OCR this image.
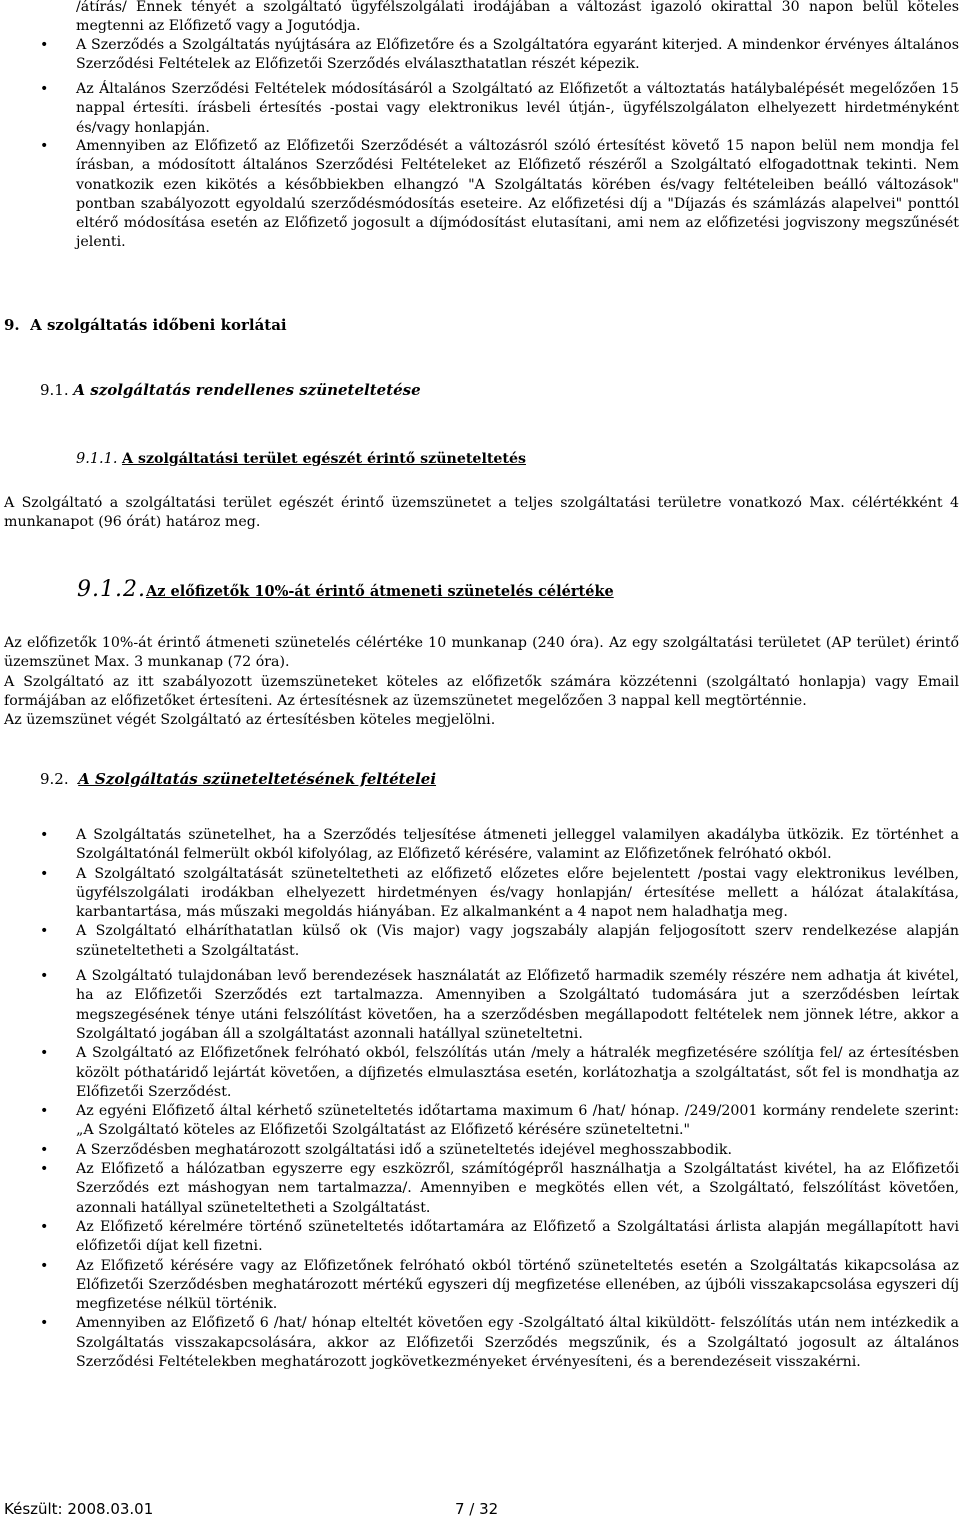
/átírás/ Ennek tényét a szolgáltató ügyfélszolgálati irodájában a változást igazoló okirattal 30 napon belül köteles megtenni az Előfizető vagy a Jogutódja.
• A Szerződés a Szolgáltatás nyújtására az Előfizetőre és a Szolgáltatóra egyaránt kiterjed. A mindenkor érvényes általános Szerződési Feltételek az Előfizetői Szerződés elválaszthatatlan részét képezik.
• Az Általános Szerződési Feltételek módosításáról a Szolgáltató az Előfizetőt a változtatás hatálybalépését megelőzően 15 nappal értesíti. írásbeli értesítés -postai vagy elektronikus levél útján-, ügyfélszolgálaton elhelyezett hirdetményként és/vagy honlapján.
• Amennyiben az Előfizető az Előfizetői Szerződését a változásról szóló értesítést követő 15 napon belül nem mondja fel írásban, a módosított általános Szerződési Feltételeket az Előfizető részéről a Szolgáltató elfogadottnak tekinti. Nem vonatkozik ezen kikötés a későbbiekben elhangzó "A Szolgáltatás körében és/vagy feltételeiben beálló változások" pontban szabályozott egyoldalú szerződésmódosítás eseteire. Az előfizetési díj a "Díjazás és számlázás alapelvei" ponttól eltérő módosítása esetén az Előfizető jogosult a díjmódosítást elutasítani, ami nem az előfizetési jogviszony megszűnését jelenti.
9. A szolgáltatás időbeni korlátai
9.1. A szolgáltatás rendellenes szüneteltetése
9.1.1. A szolgáltatási terület egészét érintő szüneteltetés

A Szolgáltató a szolgáltatási terület egészét érintő üzemszünetet a teljes szolgáltatási területre vonatkozó Max. célértékként 4 munkanapot (96 órát) határoz meg.

9.1.2.Az előfizetők 10%-át érintő átmeneti szünetelés célértéke

Az előfizetők 10%-át érintő átmeneti szünetelés célértéke 10 munkanap (240 óra). Az egy szolgáltatási területet (AP terület) érintő üzemszünet Max. 3 munkanap (72 óra).

A Szolgáltató az itt szabályozott üzemszüneteket köteles az előfizetők számára közzétenni (szolgáltató honlapja) vagy Email formájában az előfizetőket értesíteni. Az értesítésnek az üzemszünetet megelőzően 3 nappal kell megtörténnie.

Az üzemszünet végét Szolgáltató az értesítésben köteles megjelölni.

9.2. A Szolgáltatás szüneteltetésének feltételei
• A Szolgáltatás szünetelhet, ha a Szerződés teljesítése átmeneti jelleggel valamilyen akadályba ütközik. Ez történhet a Szolgáltatónál felmerült okból kifolyólag, az Előfizető kérésére, valamint az Előfizetőnek felróható okból.
• A Szolgáltató szolgáltatását szüneteltetheti az előfizető előzetes előre bejelentett /postai vagy elektronikus levélben, ügyfélszolgálati irodákban elhelyezett hirdetményen és/vagy honlapján/ értesítése mellett a hálózat átalakítása, karbantartása, más műszaki megoldás hiányában. Ez alkalmanként a 4 napot nem haladhatja meg.
• A Szolgáltató elháríthatatlan külső ok (Vis major) vagy jogszabály alapján feljogosított szerv rendelkezése alapján szüneteltetheti a Szolgáltatást.
• A Szolgáltató tulajdonában levő berendezések használatát az Előfizető harmadik személy részére nem adhatja át kivétel, ha az Előfizetői Szerződés ezt tartalmazza. Amennyiben a Szolgáltató tudomására jut a szerződésben leírtak megszegésének ténye utáni felszólítást követően, ha a szerződésben megállapodott feltételek nem jönnek létre, akkor a Szolgáltató jogában áll a szolgáltatást azonnali hatállyal szüneteltetni.
• A Szolgáltató az Előfizetőnek felróható okból, felszólítás után /mely a hátralék megfizetésére szólítja fel/ az értesítésben közölt póthatáridő lejártát követően, a díjfizetés elmulasztása esetén, korlátozhatja a szolgáltatást, sőt fel is mondhatja az Előfizetői Szerződést.
• Az egyéni Előfizető által kérhető szüneteltetés időtartama maximum 6 /hat/ hónap. /249/2001 kormány rendelete szerint: „A Szolgáltató köteles az Előfizetői Szolgáltatást az Előfizető kérésére szüneteltetni."
• A Szerződésben meghatározott szolgáltatási idő a szüneteltetés idejével meghosszabbodik.
• Az Előfizető a hálózatban egyszerre egy eszközről, számítógépről használhatja a Szolgáltatást kivétel, ha az Előfizetői Szerződés ezt máshogyan nem tartalmazza/. Amennyiben e megkötés ellen vét, a Szolgáltató, felszólítást követően, azonnali hatállyal szüneteltetheti a Szolgáltatást.
• Az Előfizető kérelmére történő szüneteltetés időtartamára az Előfizető a Szolgáltatási árlista alapján megállapított havi előfizetői díjat kell fizetni.
• Az Előfizető kérésére vagy az Előfizetőnek felróható okból történő szüneteltetés esetén a Szolgáltatás kikapcsolása az Előfizetői Szerződésben meghatározott mértékű egyszeri díj megfizetése ellenében, az újbóli visszakapcsolása egyszeri díj megfizetése nélkül történik.
• Amennyiben az Előfizető 6 /hat/ hónap elteltét követően egy -Szolgáltató által kiküldött- felszólítás után nem intézkedik a Szolgáltatás visszakapcsolására, akkor az Előfizetői Szerződés megszűnik, és a Szolgáltató jogosult az általános Szerződési Feltételekben meghatározott jogkövetkezményeket érvényesíteni, és a berendezéseit visszakérni.
Készült: 2008.03.01	7 / 32
